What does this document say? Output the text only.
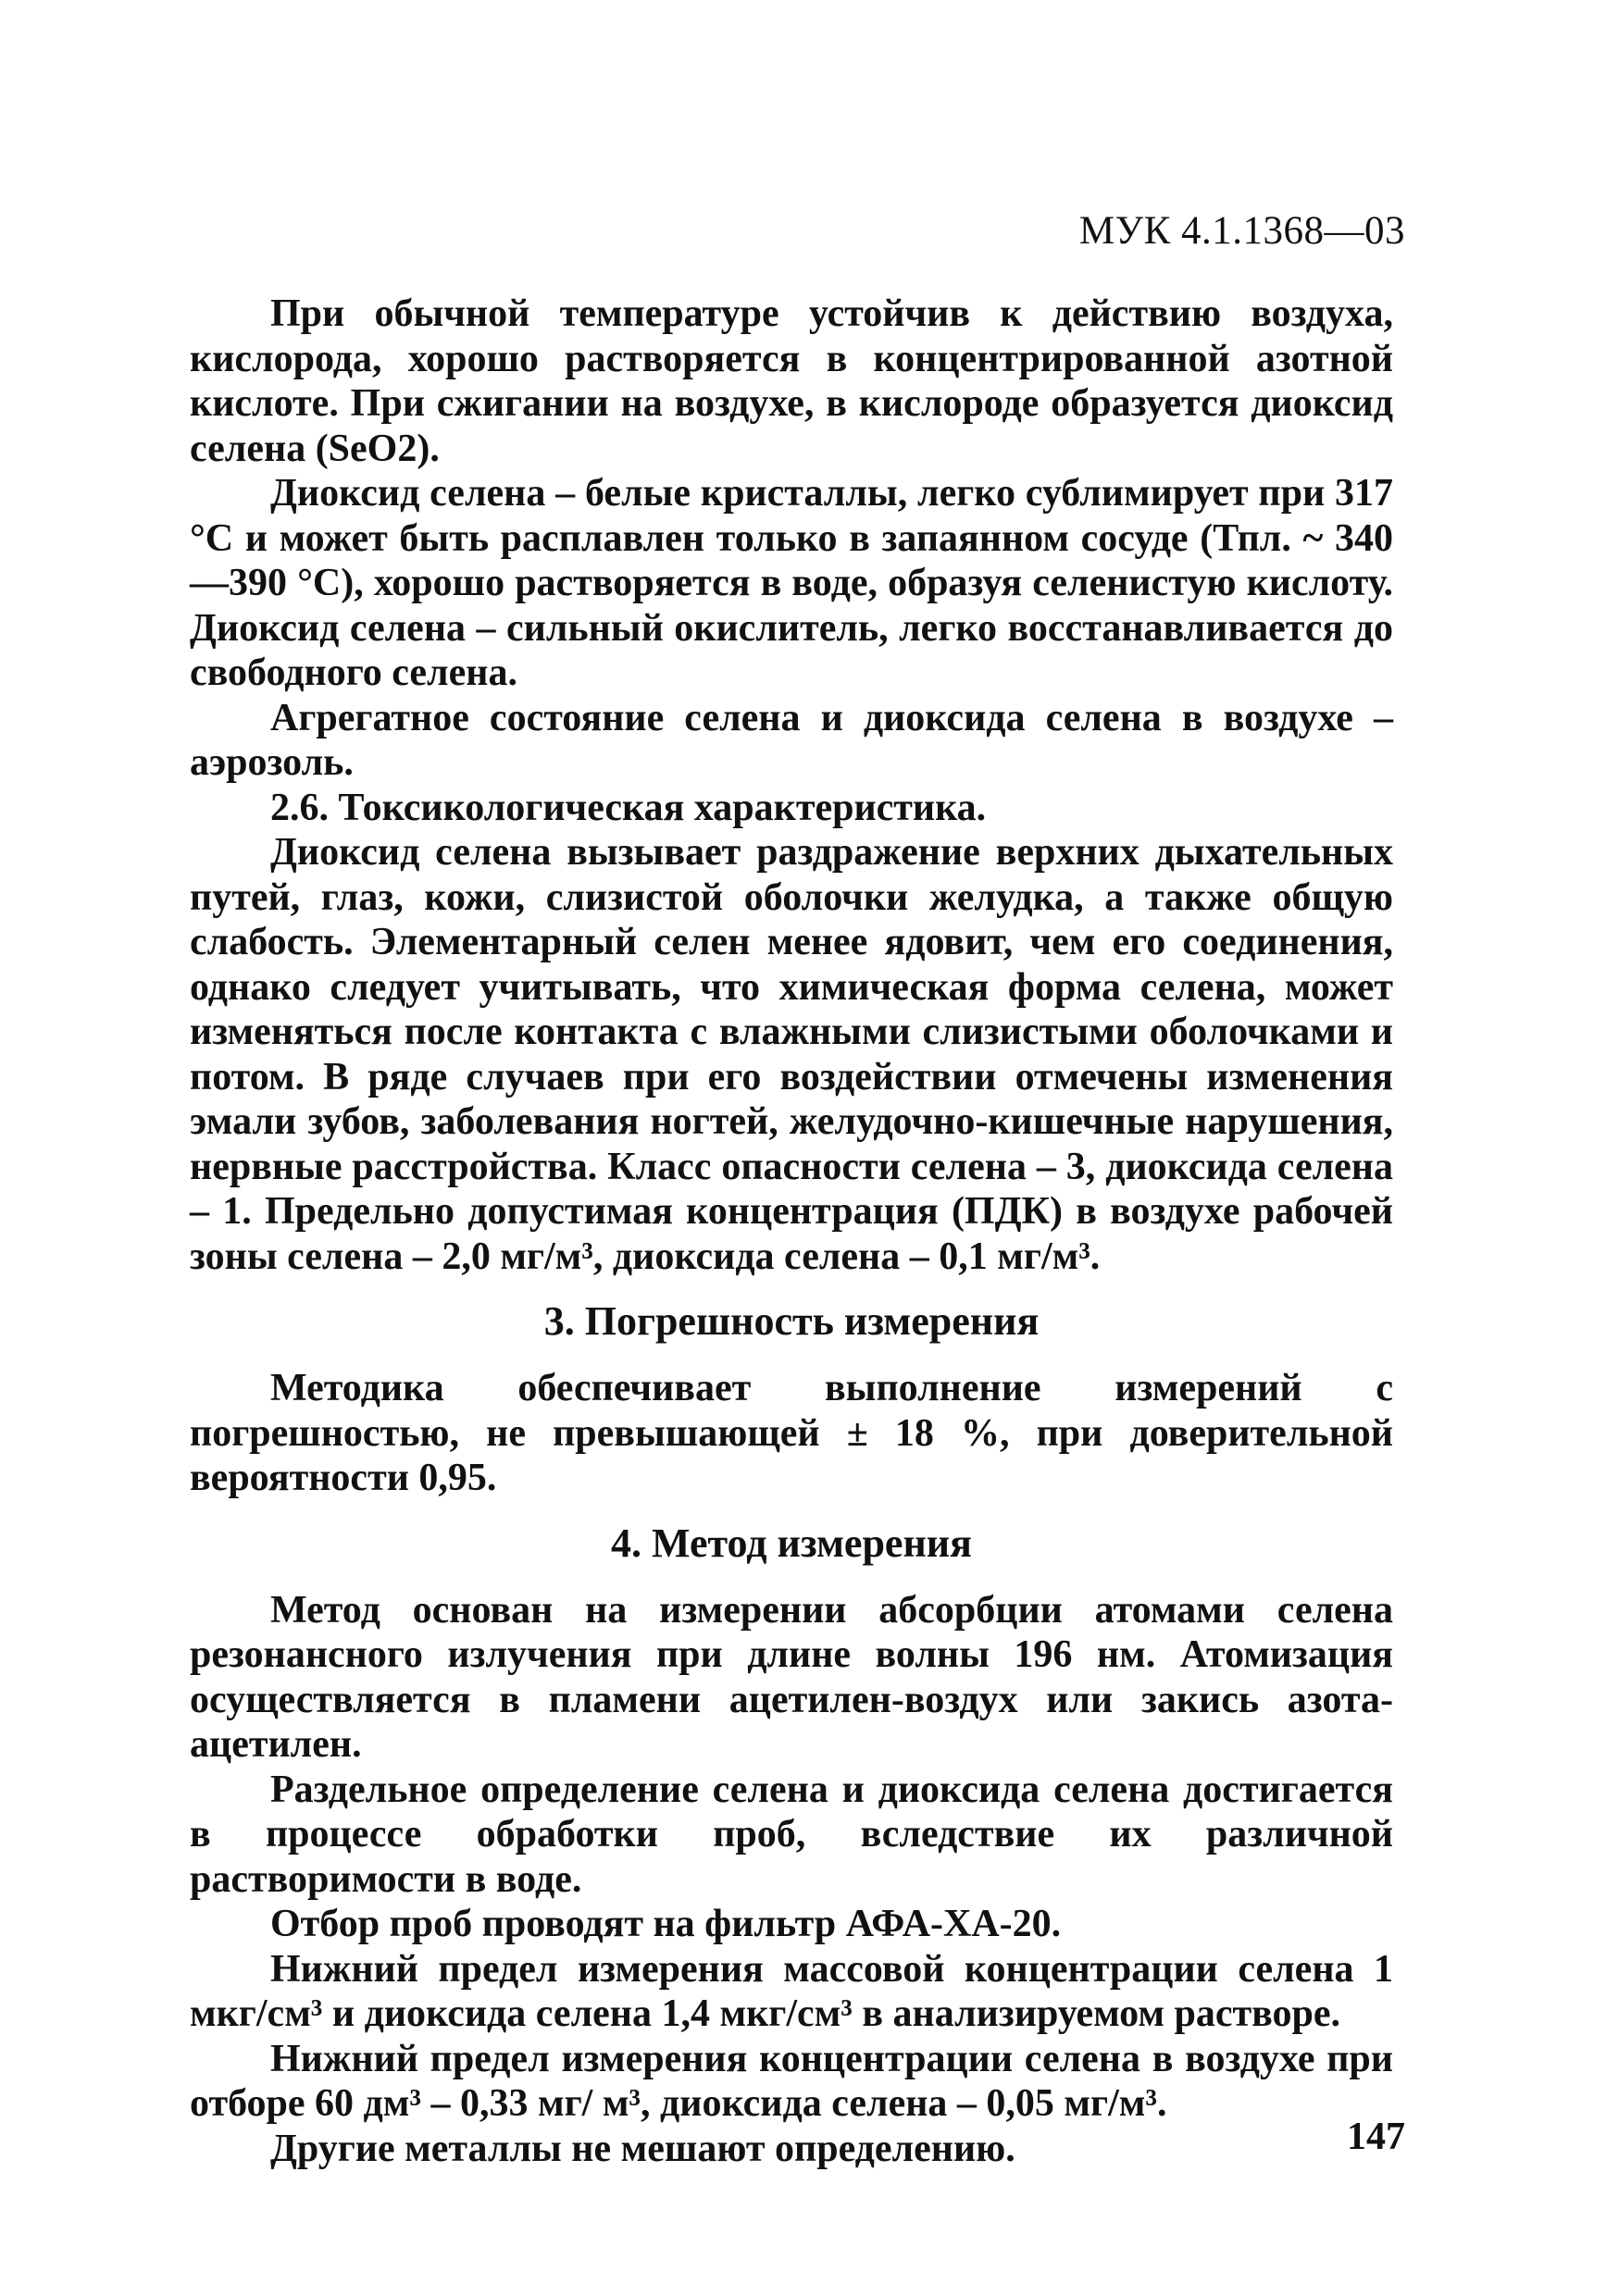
МУК 4.1.1368—03

При обычной температуре устойчив к действию воздуха, кислорода, хорошо растворяется в концентрированной азотной кислоте. При сжигании на воздухе, в кислороде образуется диоксид селена (SeO2).

Диоксид селена – белые кристаллы, легко сублимирует при 317 °С и может быть расплавлен только в запаянном сосуде (Тпл. ~ 340—390 °С), хорошо растворяется в воде, образуя селенистую кислоту. Диоксид селена – сильный окислитель, легко восстанавливается до свободного селена.

Агрегатное состояние селена и диоксида селена в воздухе – аэрозоль.

2.6. Токсикологическая характеристика.

Диоксид селена вызывает раздражение верхних дыхательных путей, глаз, кожи, слизистой оболочки желудка, а также общую слабость. Элементарный селен менее ядовит, чем его соединения, однако следует учитывать, что химическая форма селена, может изменяться после контакта с влажными слизистыми оболочками и потом. В ряде случаев при его воздействии отмечены изменения эмали зубов, заболевания ногтей, желудочно-кишечные нарушения, нервные расстройства. Класс опасности селена – 3, диоксида селена – 1. Предельно допустимая концентрация (ПДК) в воздухе рабочей зоны селена – 2,0 мг/м³, диоксида селена – 0,1 мг/м³.

3. Погрешность измерения

Методика обеспечивает выполнение измерений с погрешностью, не превышающей ± 18 %, при доверительной вероятности 0,95.

4. Метод измерения

Метод основан на измерении абсорбции атомами селена резонансного излучения при длине волны 196 нм. Атомизация осуществляется в пламени ацетилен-воздух или закись азота-ацетилен.

Раздельное определение селена и диоксида селена достигается в процессе обработки проб, вследствие их различной растворимости в воде.

Отбор проб проводят на фильтр АФА-ХА-20.

Нижний предел измерения массовой концентрации селена 1 мкг/см³ и диоксида селена 1,4 мкг/см³ в анализируемом растворе.

Нижний предел измерения концентрации селена в воздухе при отборе 60 дм³ – 0,33 мг/ м³, диоксида селена – 0,05 мг/м³.

Другие металлы не мешают определению.	147
